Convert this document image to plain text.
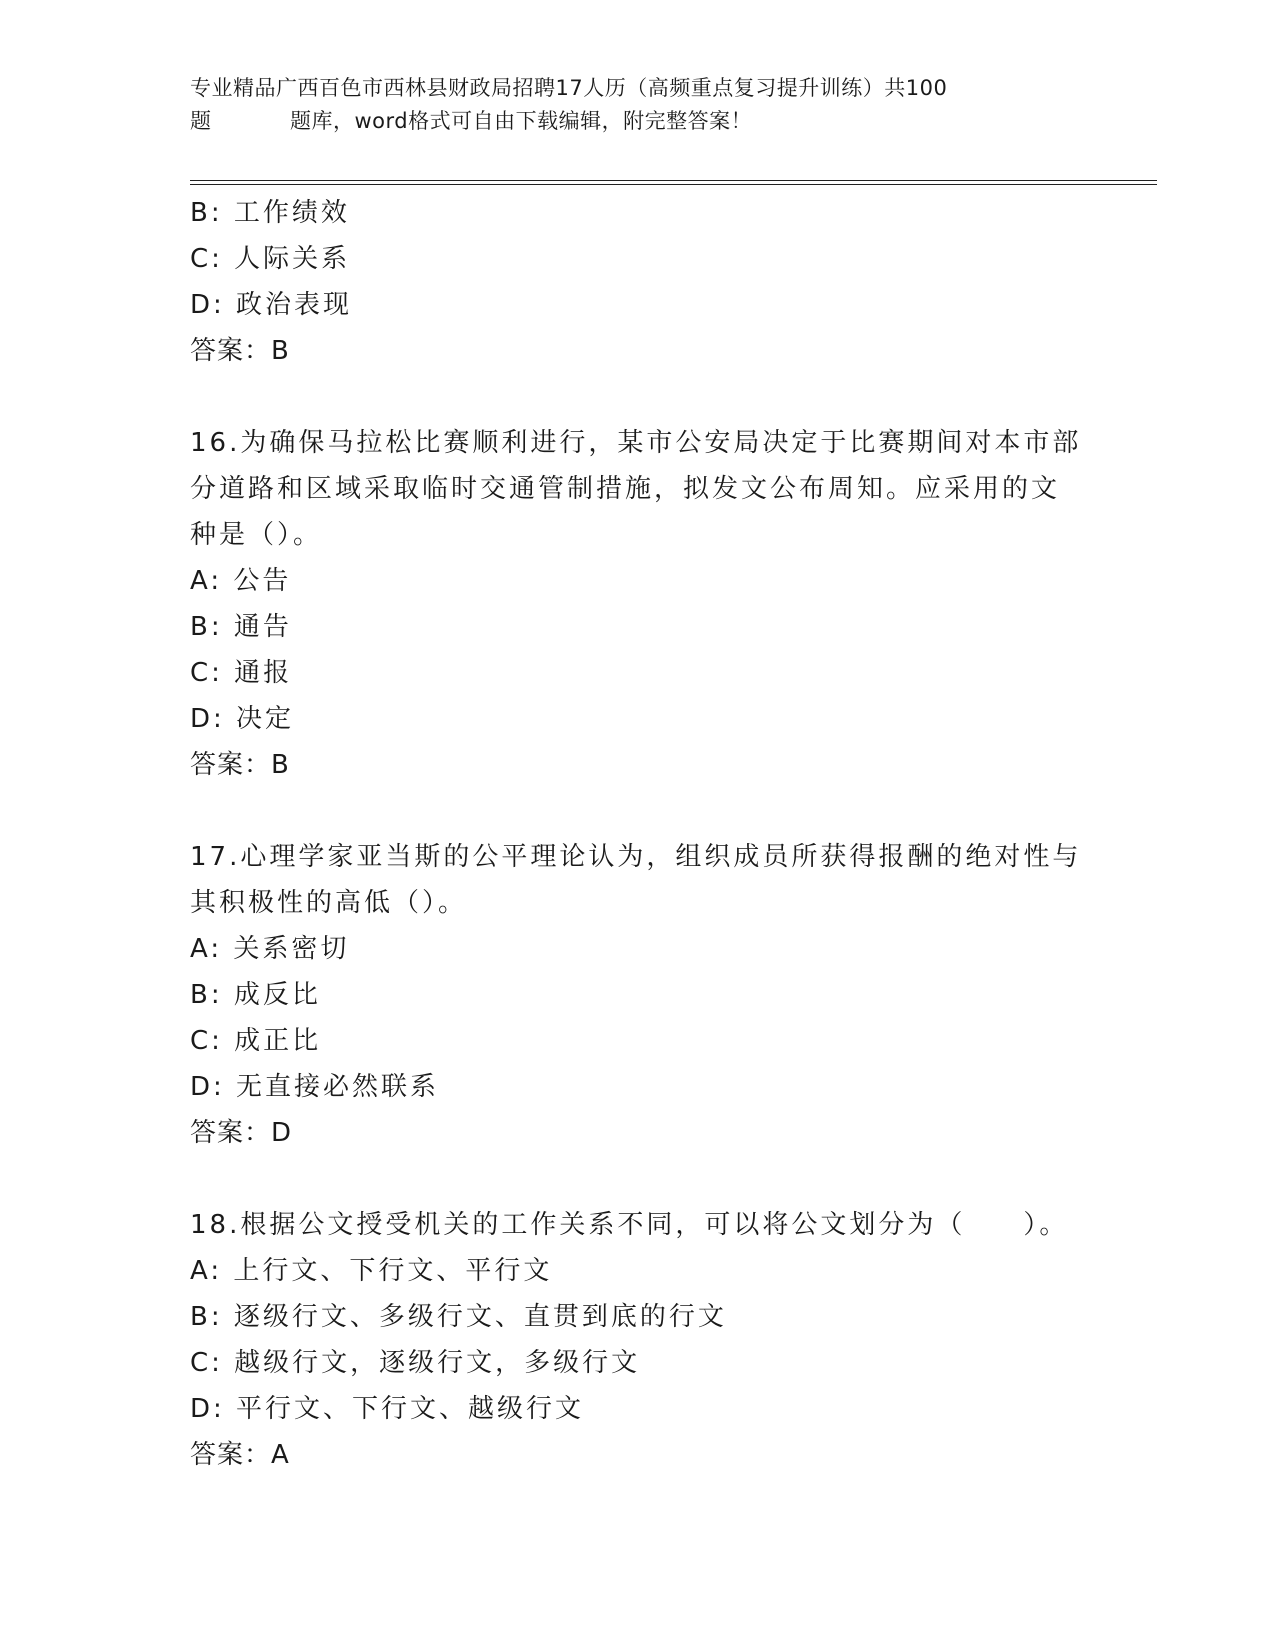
专业精品广西百色市西林县财政局招聘17人历（高频重点复习提升训练）共100
题	题库，word格式可自由下载编辑，附完整答案！
B: 工作绩效
C: 人际关系
D: 政治表现
答案：B
16.为确保马拉松比赛顺利进行，某市公安局决定于比赛期间对本市部
分道路和区域采取临时交通管制措施，拟发文公布周知。应采用的文
种是（）。
A: 公告
B: 通告
C: 通报
D: 决定
答案：B
17.心理学家亚当斯的公平理论认为，组织成员所获得报酬的绝对性与
其积极性的高低（）。
A: 关系密切
B: 成反比
C: 成正比
D: 无直接必然联系
答案：D
18.根据公文授受机关的工作关系不同，可以将公文划分为（　　）。
A: 上行文、下行文、平行文
B: 逐级行文、多级行文、直贯到底的行文
C: 越级行文，逐级行文，多级行文
D: 平行文、下行文、越级行文
答案：A
